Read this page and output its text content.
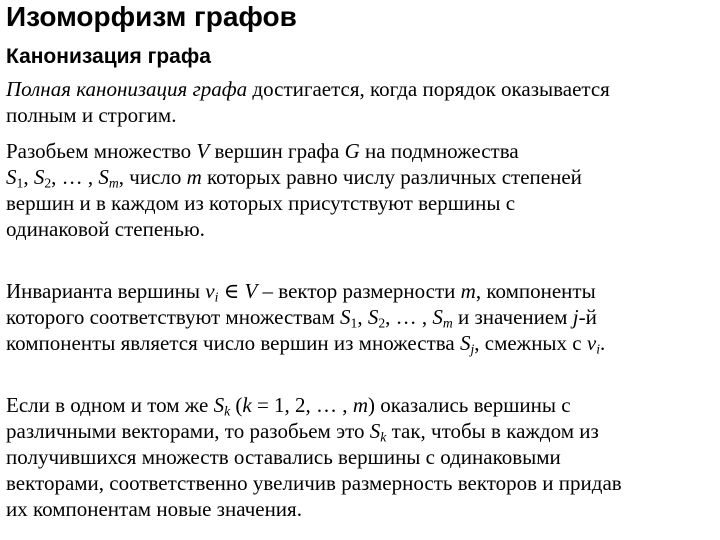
Изоморфизм графов
Канонизация графа
Полная канонизация графа достигается, когда порядок оказывается
полным и строгим.
Разобьем множество V вершин графа G на подмножества
$S_1$, $S_2$, … , $S_m$, число m которых равно числу различных степеней
вершин и в каждом из которых присутствуют вершины с
одинаковой степенью.
Инварианта вершины $v_i$ ∈ V – вектор размерности m, компоненты
которого соответствуют множествам $S_1$, $S_2$, … , $S_m$ и значением j-й
компоненты является число вершин из множества $S_j$, смежных с $v_i$.
Если в одном и том же $S_k$ (k = 1, 2, … , m) оказались вершины с
различными векторами, то разобьем это $S_k$ так, чтобы в каждом из
получившихся множеств оставались вершины с одинаковыми
векторами, соответственно увеличив размерность векторов и придав
их компонентам новые значения.
